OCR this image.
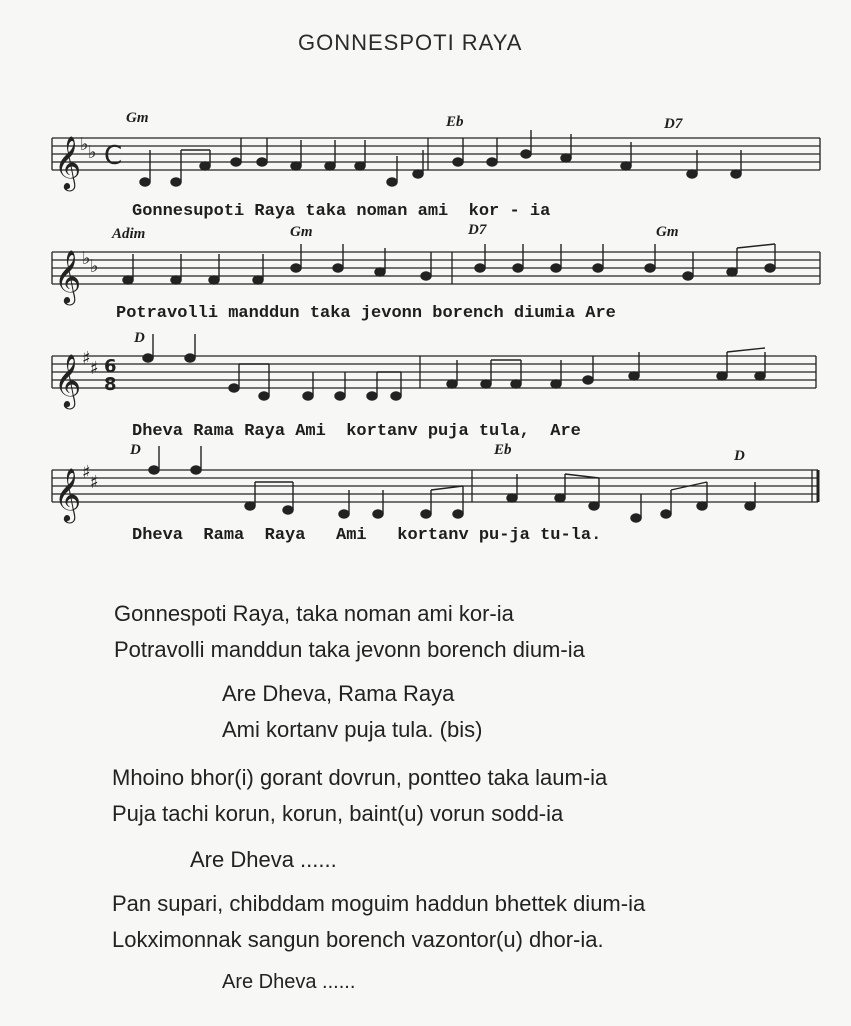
GONNESPOTI RAYA
𝄞
𝄞
𝄞
𝄞
♭ ♭
♭ ♭
♯ ♯
♯ ♯
C
6
8
Gm	Eb	D7
Adim	Gm	D7	Gm
D
D	Eb	D
Gonnesupoti Raya taka noman ami  kor - ia
Potravolli manddun taka jevonn borench diumia Are
Dheva Rama Raya Ami  kortanv puja tula,  Are
Dheva  Rama  Raya   Ami   kortanv pu-ja tu-la.
Gonnespoti Raya, taka noman ami kor-ia
Potravolli manddun taka jevonn borench dium-ia
Are Dheva, Rama Raya
Ami kortanv puja tula. (bis)
Mhoino bhor(i) gorant dovrun, pontteo taka laum-ia
Puja tachi korun, korun, baint(u) vorun sodd-ia
Are Dheva ......
Pan supari, chibddam moguim haddun bhettek dium-ia
Lokximonnak sangun borench vazontor(u) dhor-ia.
Are Dheva ......
